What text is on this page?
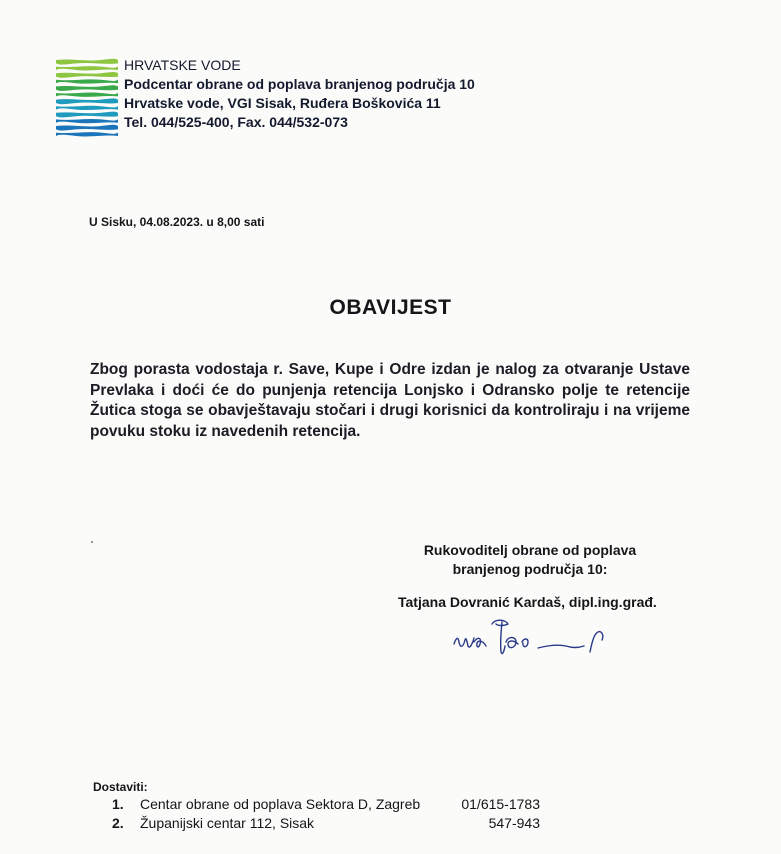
HRVATSKE VODE
Podcentar obrane od poplava branjenog područja 10
Hrvatske vode, VGI Sisak, Ruđera Boškovića 11
Tel. 044/525-400, Fax. 044/532-073
U Sisku, 04.08.2023. u 8,00 sati
OBAVIJEST
Zbog porasta vodostaja r. Save, Kupe i Odre izdan je nalog za otvaranje Ustave Prevlaka i doći će do punjenja retencija Lonjsko i Odransko polje te retencije Žutica stoga se obavještavaju stočari i drugi korisnici da kontroliraju i na vrijeme povuku stoku iz navedenih retencija.
Rukovoditelj obrane od poplava
branjenog područja 10:
Tatjana Dovranić Kardaš, dipl.ing.građ.
Dostaviti:
1.	Centar obrane od poplava Sektora D, Zagreb	01/615-1783
2.	Županijski centar 112, Sisak	547-943
